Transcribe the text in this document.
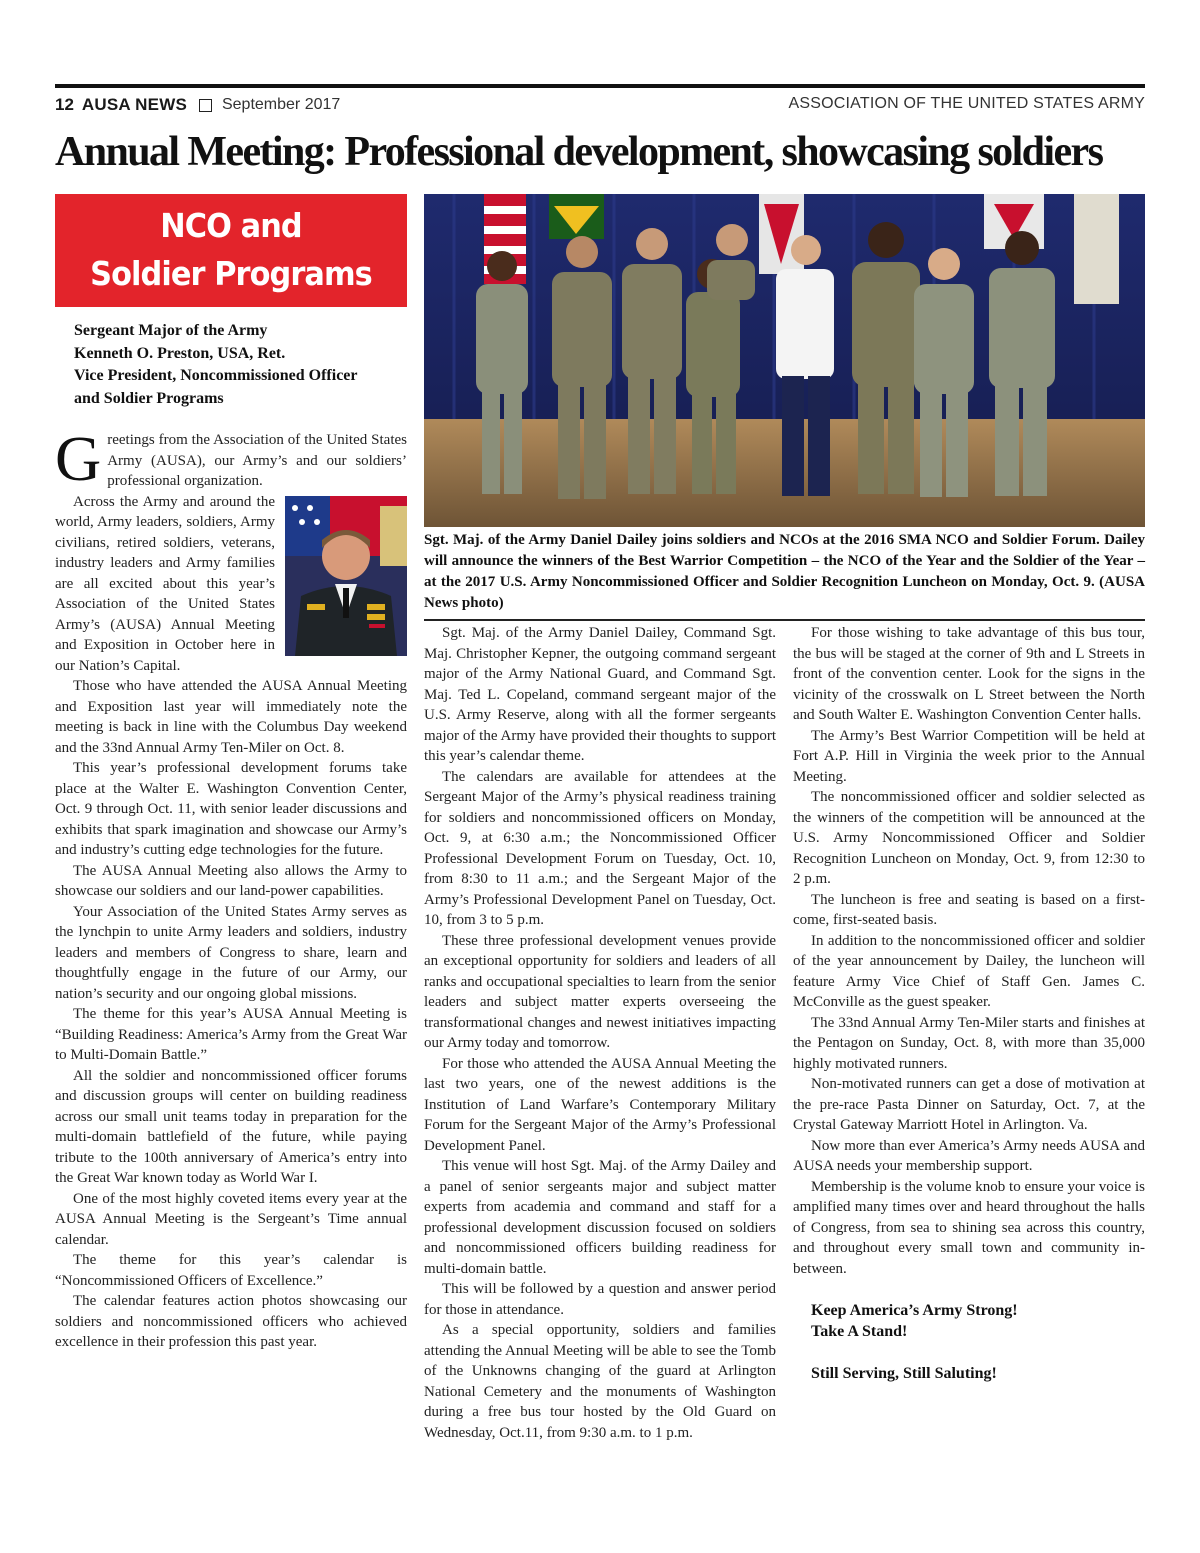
12 AUSA NEWS September 2017	ASSOCIATION OF THE UNITED STATES ARMY
Annual Meeting: Professional development, showcasing soldiers
NCO and
Soldier Programs
Sergeant Major of the Army
Kenneth O. Preston, USA, Ret.
Vice President, Noncommissioned Officer
and Soldier Programs
Sgt. Maj. of the Army Daniel Dailey joins soldiers and NCOs at the 2016 SMA NCO and Soldier Forum. Dailey will announce the winners of the Best Warrior Competition – the NCO of the Year and the Soldier of the Year – at the 2017 U.S. Army Noncommissioned Officer and Soldier Recognition Luncheon on Monday, Oct. 9. (AUSA News photo)

Greetings from the Association of the United States Army (AUSA), our Army’s and our soldiers’ professional organization.

Across the Army and around the world, Army leaders, soldiers, Army civilians, retired soldiers, veterans, industry leaders and Army families are all excited about this year’s Association of the United States Army’s (AUSA) Annual Meeting and Exposition in October here in our Nation’s Capital.

Those who have attended the AUSA Annual Meeting and Exposition last year will immediately note the meeting is back in line with the Columbus Day weekend and the 33nd Annual Army Ten-Miler on Oct. 8.

This year’s professional development forums take place at the Walter E. Washington Convention Center, Oct. 9 through Oct. 11, with senior leader discussions and exhibits that spark imagination and showcase our Army’s and industry’s cutting edge technologies for the future.

The AUSA Annual Meeting also allows the Army to showcase our soldiers and our land-power capabilities.

Your Association of the United States Army serves as the lynchpin to unite Army leaders and soldiers, industry leaders and members of Congress to share, learn and thoughtfully engage in the future of our Army, our nation’s security and our ongoing global missions.

The theme for this year’s AUSA Annual Meeting is “Building Readiness: America’s Army from the Great War to Multi-Domain Battle.”

All the soldier and noncommissioned officer forums and discussion groups will center on building readiness across our small unit teams today in preparation for the multi-domain battlefield of the future, while paying tribute to the 100th anniversary of America’s entry into the Great War known today as World War I.

One of the most highly coveted items every year at the AUSA Annual Meeting is the Sergeant’s Time annual calendar.

The theme for this year’s calendar is “Noncommissioned Officers of Excellence.”

The calendar features action photos showcasing our soldiers and noncommissioned officers who achieved excellence in their profession this past year.

Sgt. Maj. of the Army Daniel Dailey, Command Sgt. Maj. Christopher Kepner, the outgoing command sergeant major of the Army National Guard, and Command Sgt. Maj. Ted L. Copeland, command sergeant major of the U.S. Army Reserve, along with all the former sergeants major of the Army have provided their thoughts to support this year’s calendar theme.

The calendars are available for attendees at the Sergeant Major of the Army’s physical readiness training for soldiers and noncommissioned officers on Monday, Oct. 9, at 6:30 a.m.; the Noncommissioned Officer Professional Development Forum on Tuesday, Oct. 10, from 8:30 to 11 a.m.; and the Sergeant Major of the Army’s Professional Development Panel on Tuesday, Oct. 10, from 3 to 5 p.m.

These three professional development venues provide an exceptional opportunity for soldiers and leaders of all ranks and occupational specialties to learn from the senior leaders and subject matter experts overseeing the transformational changes and newest initiatives impacting our Army today and tomorrow.

For those who attended the AUSA Annual Meeting the last two years, one of the newest additions is the Institution of Land Warfare’s Contemporary Military Forum for the Sergeant Major of the Army’s Professional Development Panel.

This venue will host Sgt. Maj. of the Army Dailey and a panel of senior sergeants major and subject matter experts from academia and command and staff for a professional development discussion focused on soldiers and noncommissioned officers building readiness for multi-domain battle.

This will be followed by a question and answer period for those in attendance.

As a special opportunity, soldiers and families attending the Annual Meeting will be able to see the Tomb of the Unknowns changing of the guard at Arlington National Cemetery and the monuments of Washington during a free bus tour hosted by the Old Guard on Wednesday, Oct.11, from 9:30 a.m. to 1 p.m.

For those wishing to take advantage of this bus tour, the bus will be staged at the corner of 9th and L Streets in front of the convention center. Look for the signs in the vicinity of the crosswalk on L Street between the North and South Walter E. Washington Convention Center halls.

The Army’s Best Warrior Competition will be held at Fort A.P. Hill in Virginia the week prior to the Annual Meeting.

The noncommissioned officer and soldier selected as the winners of the competition will be announced at the U.S. Army Noncommissioned Officer and Soldier Recognition Luncheon on Monday, Oct. 9, from 12:30 to 2 p.m.

The luncheon is free and seating is based on a first-come, first-seated basis.

In addition to the noncommissioned officer and soldier of the year announcement by Dailey, the luncheon will feature Army Vice Chief of Staff Gen. James C. McConville as the guest speaker.

The 33nd Annual Army Ten-Miler starts and finishes at the Pentagon on Sunday, Oct. 8, with more than 35,000 highly motivated runners.

Non-motivated runners can get a dose of motivation at the pre-race Pasta Dinner on Saturday, Oct. 7, at the Crystal Gateway Marriott Hotel in Arlington. Va.

Now more than ever America’s Army needs AUSA and AUSA needs your membership support.

Membership is the volume knob to ensure your voice is amplified many times over and heard throughout the halls of Congress, from sea to shining sea across this country, and throughout every small town and community in-between.

Keep America’s Army Strong!

Take A Stand!

Still Serving, Still Saluting!
